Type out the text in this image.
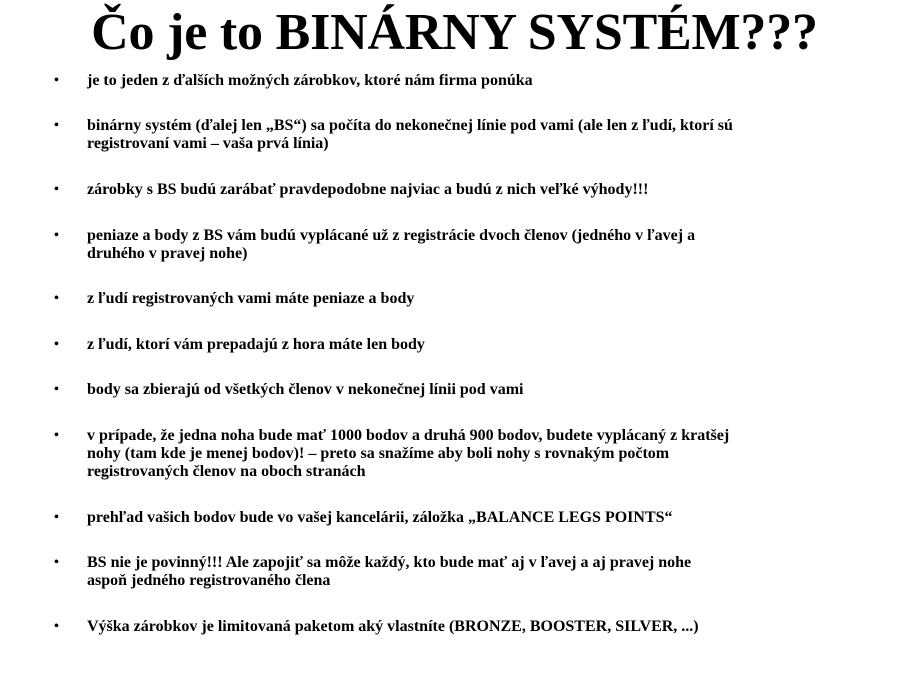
Čo je to BINÁRNY SYSTÉM???
• je to jeden z ďalších možných zárobkov, ktoré nám firma ponúka
• binárny systém (ďalej len „BS“) sa počíta do nekonečnej línie pod vami (ale len z ľudí, ktorí sú
registrovaní vami – vaša prvá línia)
• zárobky s BS budú zarábať pravdepodobne najviac a budú z nich veľké výhody!!!
• peniaze a body z BS vám budú vyplácané už z registrácie dvoch členov (jedného v ľavej a
druhého v pravej nohe)
• z ľudí registrovaných vami máte peniaze a body
• z ľudí, ktorí vám prepadajú z hora máte len body
• body sa zbierajú od všetkých členov v nekonečnej línii pod vami
• v prípade, že jedna noha bude mať 1000 bodov a druhá 900 bodov, budete vyplácaný z kratšej
nohy (tam kde je menej bodov)! – preto sa snažíme aby boli nohy s rovnakým počtom
registrovaných členov na oboch stranách
• prehľad vašich bodov bude vo vašej kancelárii, záložka „BALANCE LEGS POINTS“
• BS nie je povinný!!! Ale zapojiť sa môže každý, kto bude mať aj v ľavej a aj pravej nohe
aspoň jedného registrovaného člena
• Výška zárobkov je limitovaná paketom aký vlastníte (BRONZE, BOOSTER, SILVER, ...)
